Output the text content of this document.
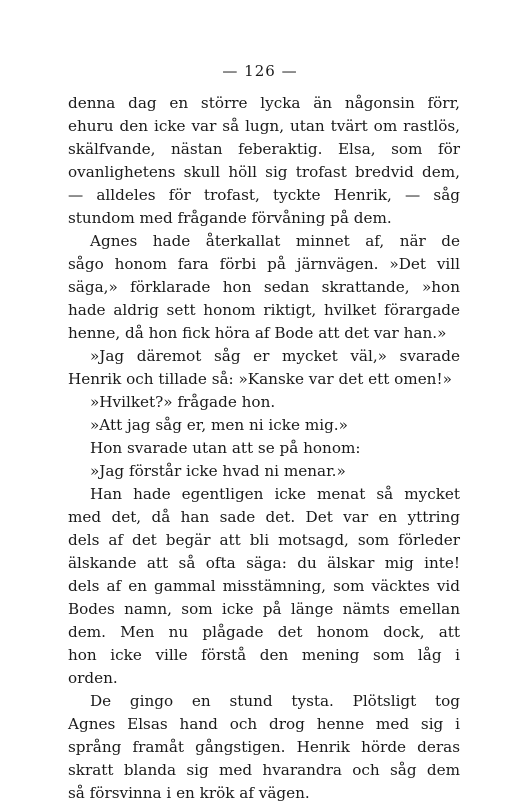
— 126 —
denna dag en större lycka än någonsin förr,
ehuru den icke var så lugn, utan tvärt om rastlös,
skälfvande, nästan feberaktig. Elsa, som för
ovanlighetens skull höll sig trofast bredvid dem,
— alldeles för trofast, tyckte Henrik, — såg
stundom med frågande förvåning på dem.
Agnes hade återkallat minnet af, när de
sågo honom fara förbi på järnvägen. »Det vill
säga,» förklarade hon sedan skrattande, »hon
hade aldrig sett honom riktigt, hvilket förargade
henne, då hon fick höra af Bode att det var han.»
»Jag däremot såg er mycket väl,» svarade
Henrik och tillade så: »Kanske var det ett omen!»
»Hvilket?» frågade hon.
»Att jag såg er, men ni icke mig.»
Hon svarade utan att se på honom:
»Jag förstår icke hvad ni menar.»
Han hade egentligen icke menat så mycket
med det, då han sade det. Det var en yttring
dels af det begär att bli motsagd, som förleder
älskande att så ofta säga: du älskar mig inte!
dels af en gammal misstämning, som väcktes vid
Bodes namn, som icke på länge nämts emellan
dem. Men nu plågade det honom dock, att
hon icke ville förstå den mening som låg i
orden.
De gingo en stund tysta. Plötsligt tog
Agnes Elsas hand och drog henne med sig i
språng framåt gångstigen. Henrik hörde deras
skratt blanda sig med hvarandra och såg dem
så försvinna i en krök af vägen.
